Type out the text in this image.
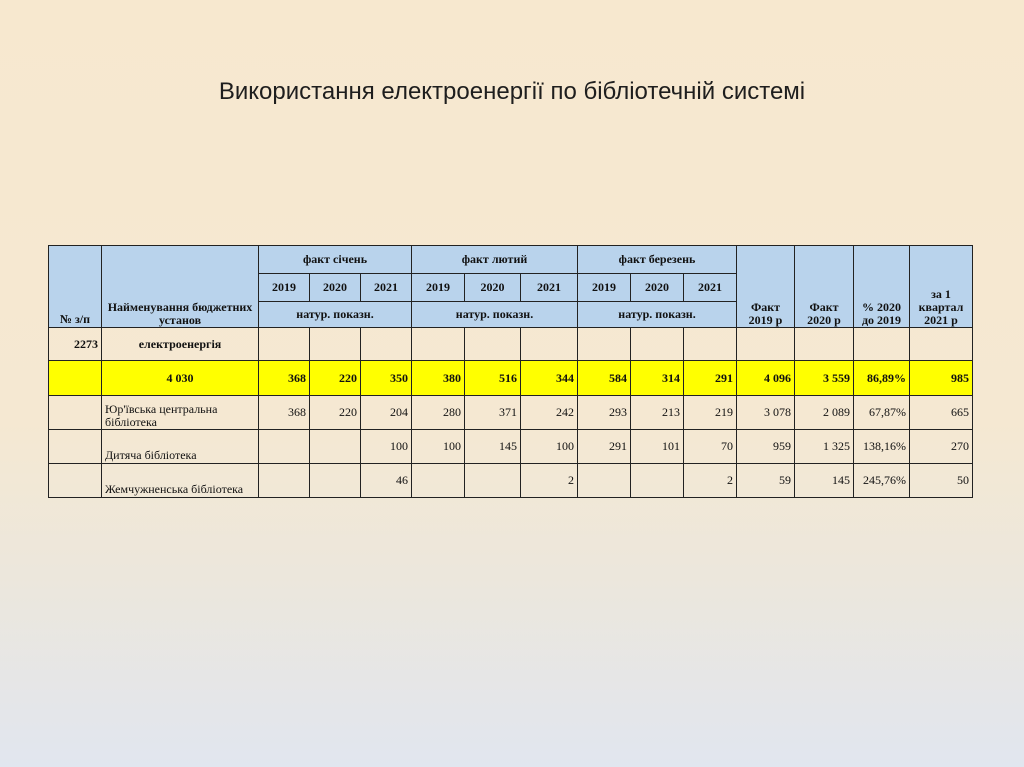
Використання електроенергії по бібліотечній системі
№ з/п	Найменування бюджетних установ	факт січень			факт лютий			факт березень			Факт 2019 р	Факт 2020 р	% 2020 до 2019	за 1 квартал 2021 р
		2019	2020	2021	2019	2020	2021	2019	2020	2021				
		натур. показн.			натур. показн.			натур. показн.						
2273	електроенергія													
	4 030	368	220	350	380	516	344	584	314	291	4 096	3 559	86,89%	985
	Юр'ївська центральна бібліотека	368	220	204	280	371	242	293	213	219	3 078	2 089	67,87%	665
	Дитяча бібліотека			100	100	145	100	291	101	70	959	1 325	138,16%	270
	Жемчужненська бібліотека			46			2			2	59	145	245,76%	50
